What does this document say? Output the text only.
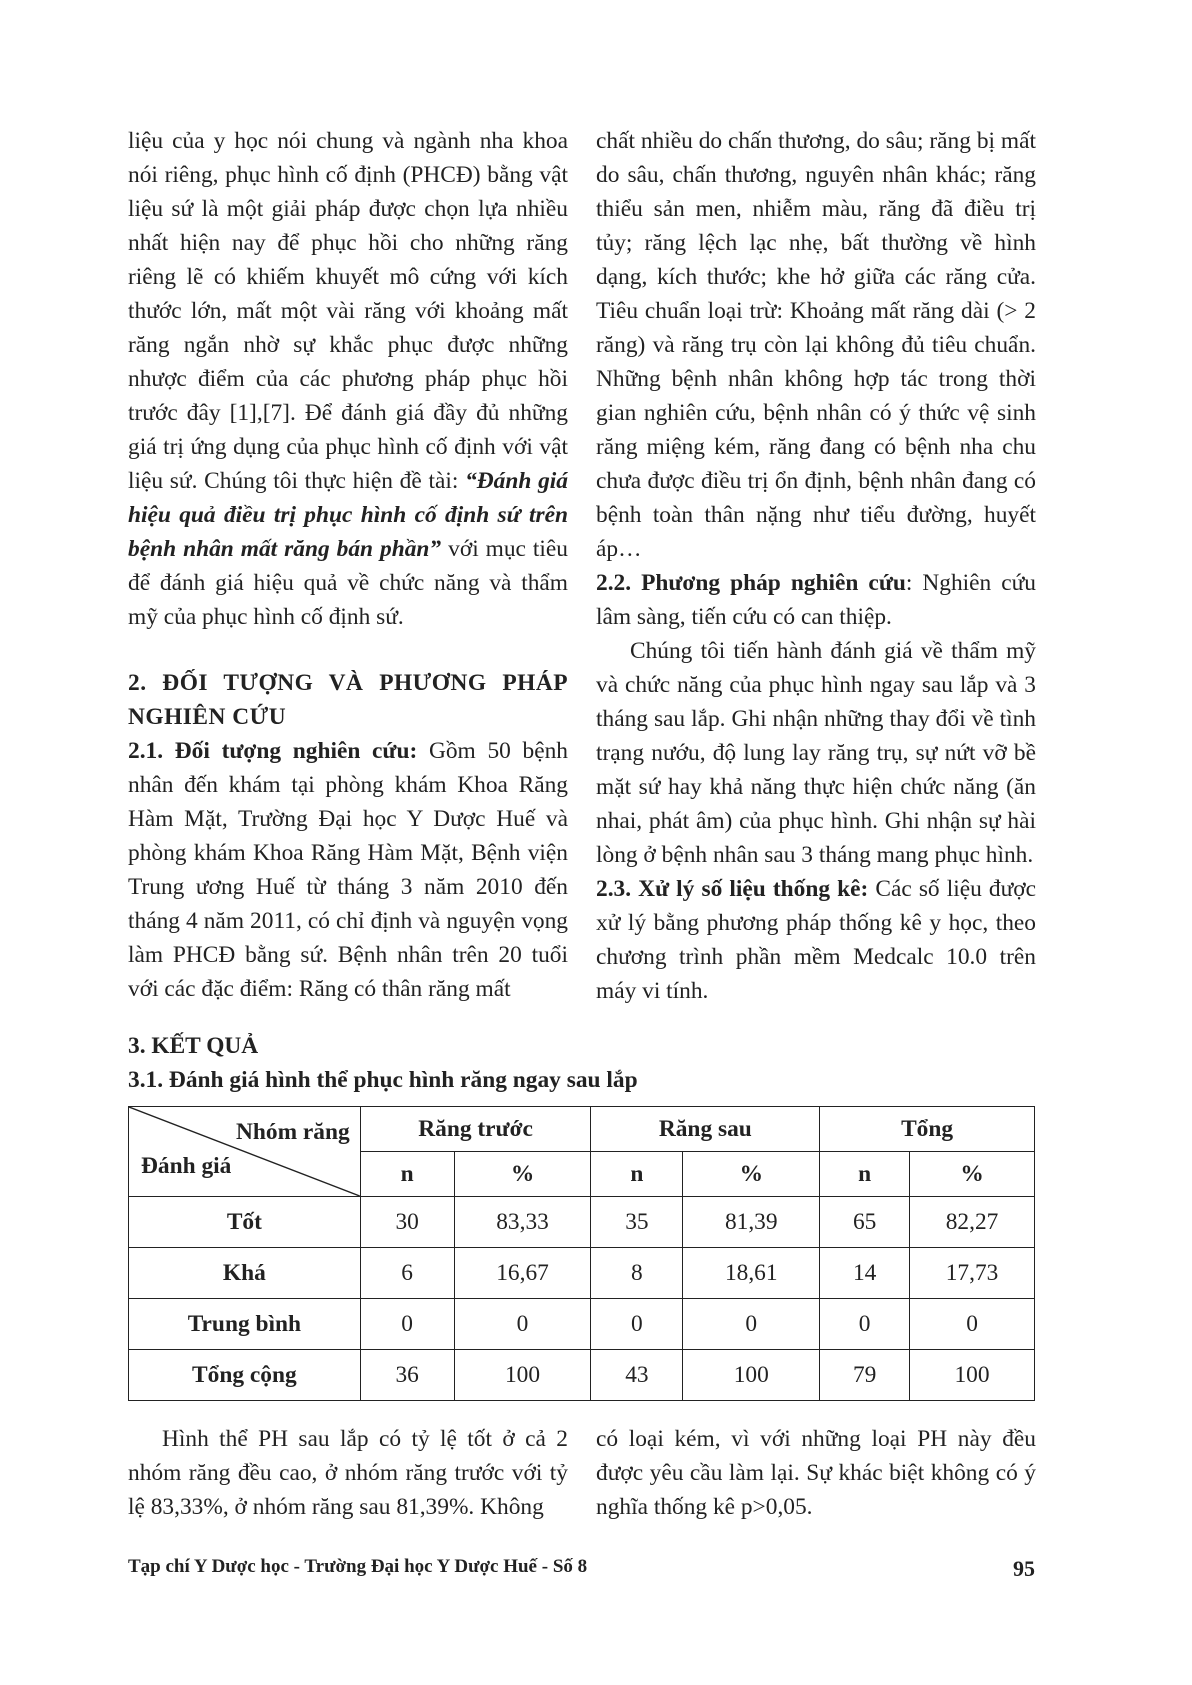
liệu của y học nói chung và ngành nha khoa nói riêng, phục hình cố định (PHCĐ) bằng vật liệu sứ là một giải pháp được chọn lựa nhiều nhất hiện nay để phục hồi cho những răng riêng lẽ có khiếm khuyết mô cứng với kích thước lớn, mất một vài răng với khoảng mất răng ngắn nhờ sự khắc phục được những nhược điểm của các phương pháp phục hồi trước đây [1],[7]. Để đánh giá đầy đủ những giá trị ứng dụng của phục hình cố định với vật liệu sứ. Chúng tôi thực hiện đề tài: “Đánh giá hiệu quả điều trị phục hình cố định sứ trên bệnh nhân mất răng bán phần” với mục tiêu để đánh giá hiệu quả về chức năng và thẩm mỹ của phục hình cố định sứ.

2. ĐỐI TƯỢNG VÀ PHƯƠNG PHÁP NGHIÊN CỨU

2.1. Đối tượng nghiên cứu: Gồm 50 bệnh nhân đến khám tại phòng khám Khoa Răng Hàm Mặt, Trường Đại học Y Dược Huế và phòng khám Khoa Răng Hàm Mặt, Bệnh viện Trung ương Huế từ tháng 3 năm 2010 đến tháng 4 năm 2011, có chỉ định và nguyện vọng làm PHCĐ bằng sứ. Bệnh nhân trên 20 tuổi với các đặc điểm: Răng có thân răng mất

chất nhiều do chấn thương, do sâu; răng bị mất do sâu, chấn thương, nguyên nhân khác; răng thiểu sản men, nhiễm màu, răng đã điều trị tủy; răng lệch lạc nhẹ, bất thường về hình dạng, kích thước; khe hở giữa các răng cửa. Tiêu chuẩn loại trừ: Khoảng mất răng dài (> 2 răng) và răng trụ còn lại không đủ tiêu chuẩn. Những bệnh nhân không hợp tác trong thời gian nghiên cứu, bệnh nhân có ý thức vệ sinh răng miệng kém, răng đang có bệnh nha chu chưa được điều trị ổn định, bệnh nhân đang có bệnh toàn thân nặng như tiểu đường, huyết áp…

2.2. Phương pháp nghiên cứu: Nghiên cứu lâm sàng, tiến cứu có can thiệp.

Chúng tôi tiến hành đánh giá về thẩm mỹ và chức năng của phục hình ngay sau lắp và 3 tháng sau lắp. Ghi nhận những thay đổi về tình trạng nướu, độ lung lay răng trụ, sự nứt vỡ bề mặt sứ hay khả năng thực hiện chức năng (ăn nhai, phát âm) của phục hình. Ghi nhận sự hài lòng ở bệnh nhân sau 3 tháng mang phục hình.

2.3. Xử lý số liệu thống kê: Các số liệu được xử lý bằng phương pháp thống kê y học, theo chương trình phần mềm Medcalc 10.0 trên máy vi tính.

3. KẾT QUẢ
3.1. Đánh giá hình thể phục hình răng ngay sau lắp
Nhóm răng
Đánh giá	Răng trước		Răng sau		Tổng	
	n	%	n	%	n	%
Tốt	30	83,33	35	81,39	65	82,27
Khá	6	16,67	8	18,61	14	17,73
Trung bình	0	0	0	0	0	0
Tổng cộng	36	100	43	100	79	100

Hình thể PH sau lắp có tỷ lệ tốt ở cả 2 nhóm răng đều cao, ở nhóm răng trước với tỷ lệ 83,33%, ở nhóm răng sau 81,39%. Không

có loại kém, vì với những loại PH này đều được yêu cầu làm lại. Sự khác biệt không có ý nghĩa thống kê p>0,05.

Tạp chí Y Dược học - Trường Đại học Y Dược Huế - Số 8	95
